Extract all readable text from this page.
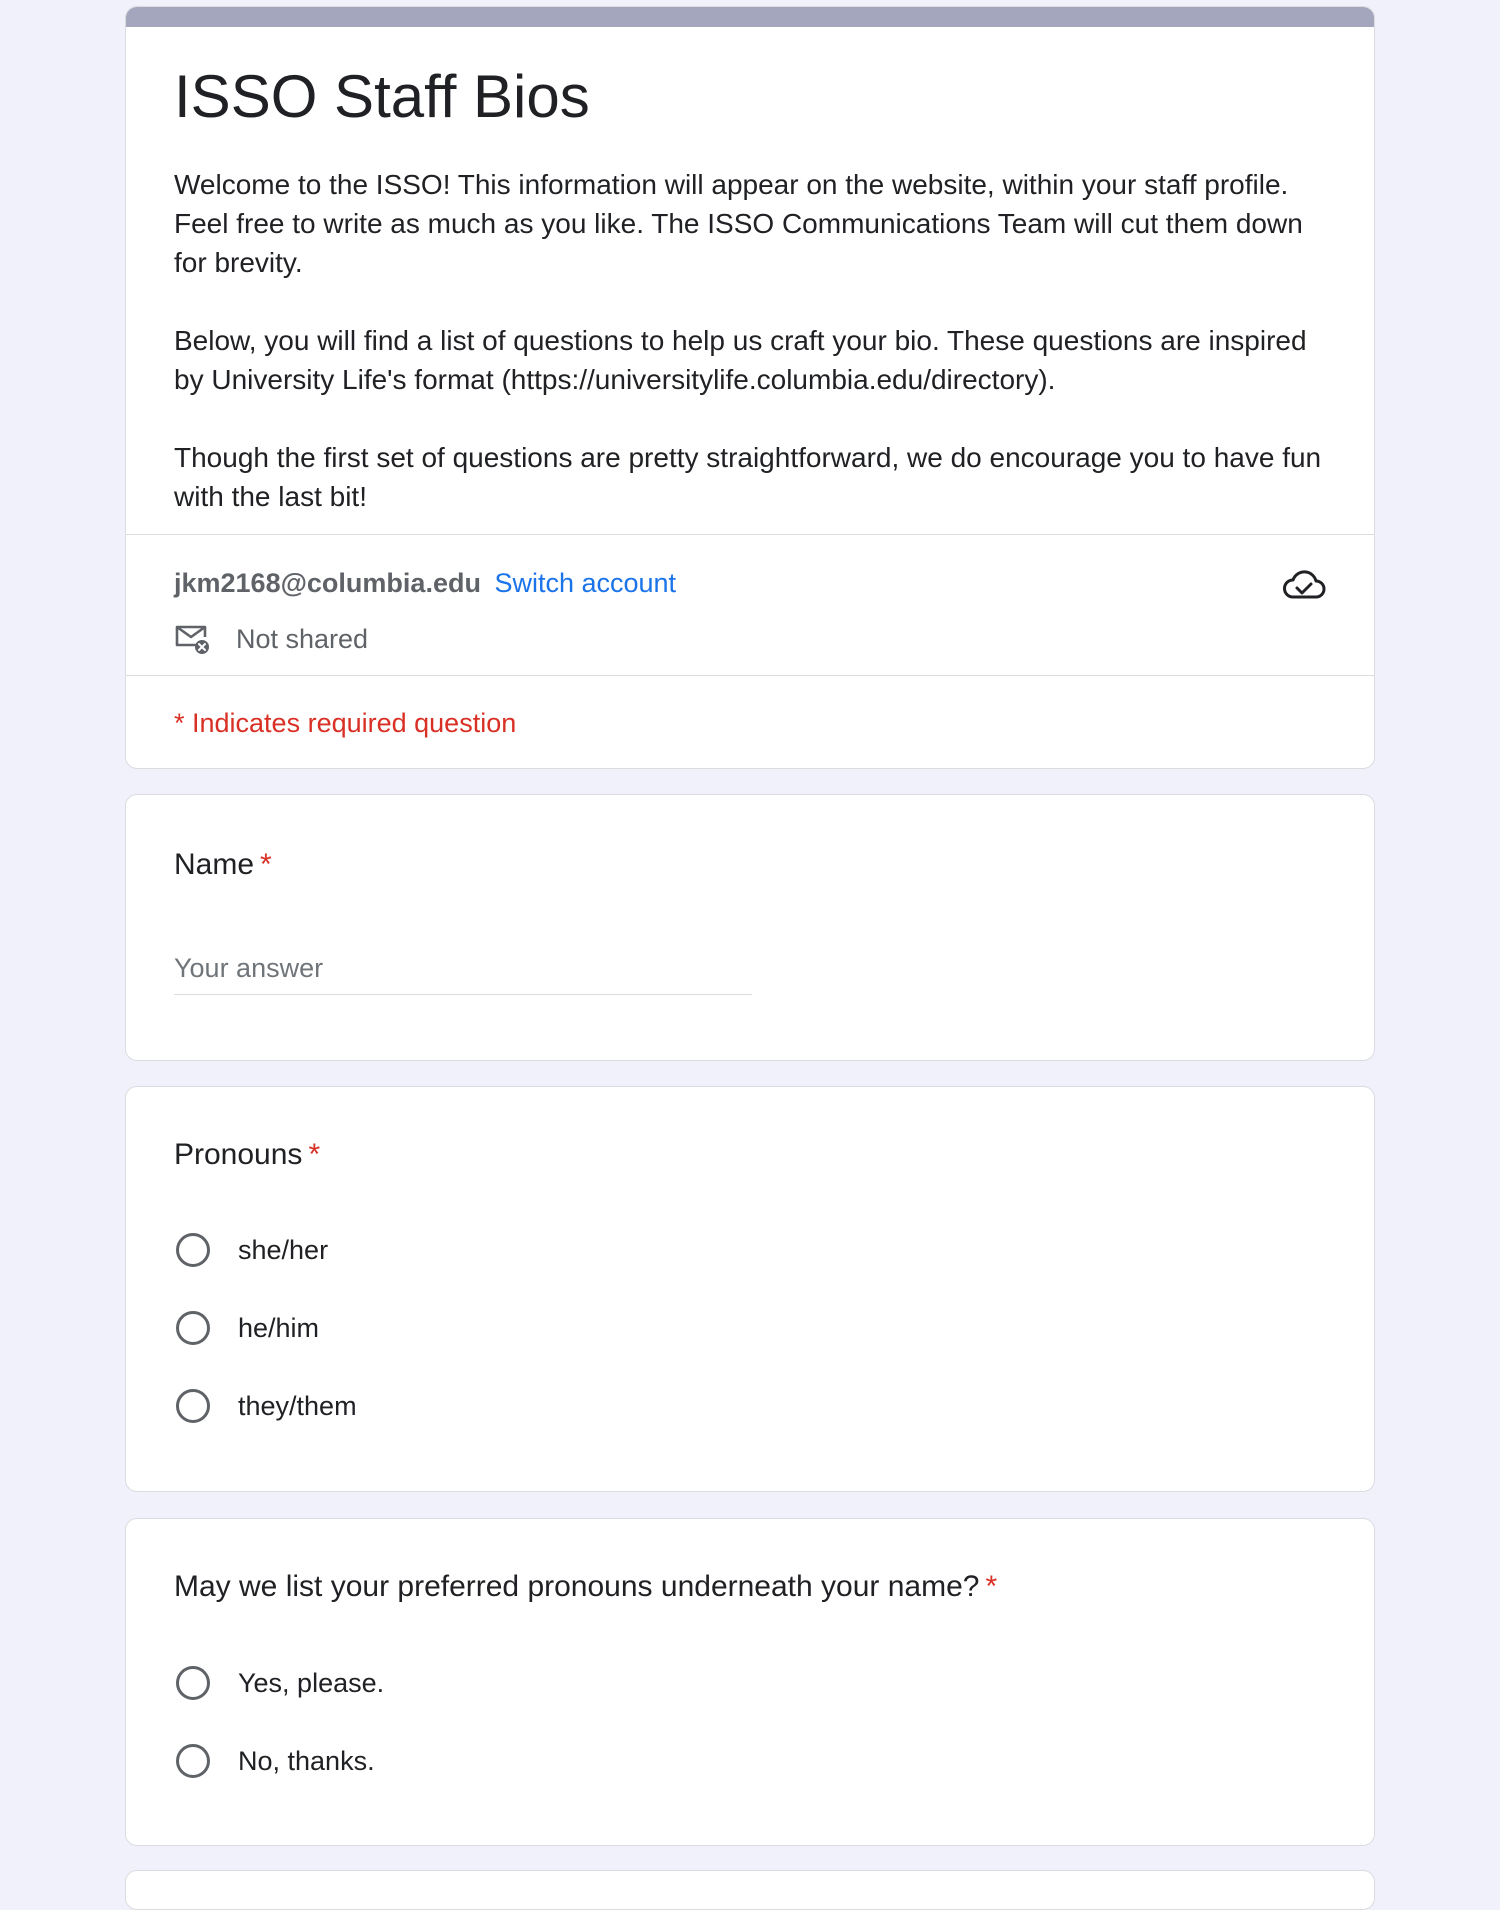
ISSO Staff Bios

Welcome to the ISSO! This information will appear on the website, within your staff profile. Feel free to write as much as you like. The ISSO Communications Team will cut them down for brevity.

Below, you will find a list of questions to help us craft your bio. These questions are inspired by University Life's format (https://universitylife.columbia.edu/directory).

Though the first set of questions are pretty straightforward, we do encourage you to have fun with the last bit!

jkm2168@columbia.edu Switch account
Not shared
* Indicates required question
Name *
Your answer
Pronouns *
she/her
he/him
they/them
May we list your preferred pronouns underneath your name? *
Yes, please.
No, thanks.
